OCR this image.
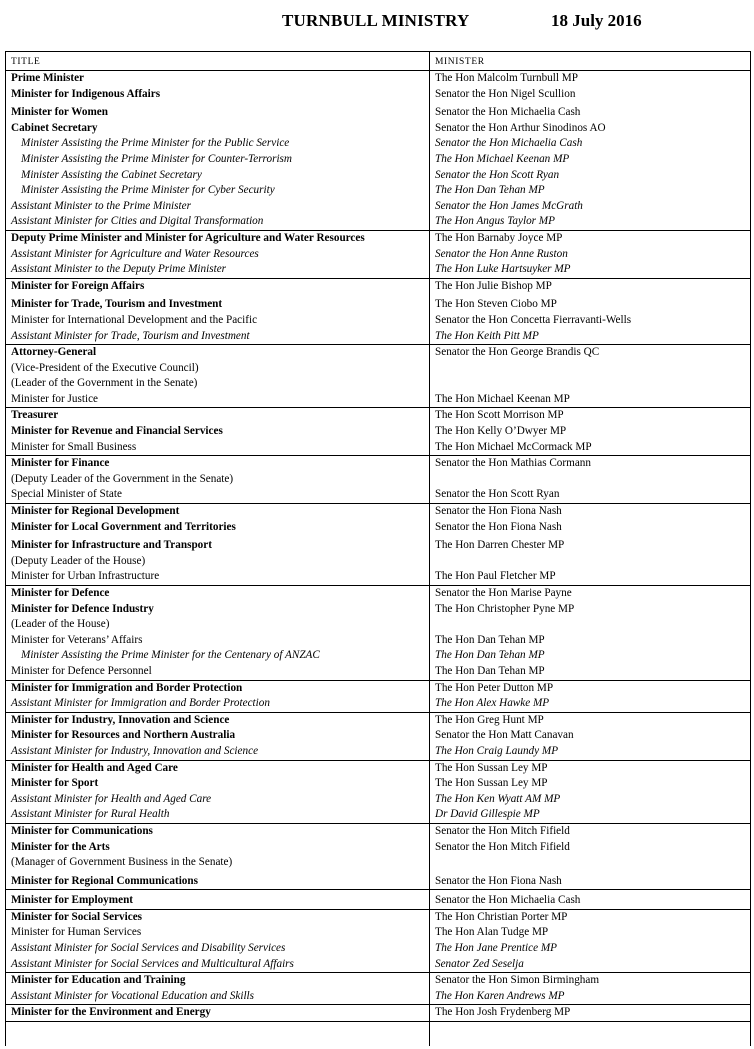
TURNBULL MINISTRY	18 July 2016
TITLE	MINISTER
Prime Minister	The Hon Malcolm Turnbull MP
Minister for Indigenous Affairs	Senator the Hon Nigel Scullion
Minister for Women	Senator the Hon Michaelia Cash
Cabinet Secretary	Senator the Hon Arthur Sinodinos AO
Minister Assisting the Prime Minister for the Public Service	Senator the Hon Michaelia Cash
Minister Assisting the Prime Minister for Counter-Terrorism	The Hon Michael Keenan MP
Minister Assisting the Cabinet Secretary	Senator the Hon Scott Ryan
Minister Assisting the Prime Minister for Cyber Security	The Hon Dan Tehan MP
Assistant Minister to the Prime Minister	Senator the Hon James McGrath
Assistant Minister for Cities and Digital Transformation	The Hon Angus Taylor MP
Deputy Prime Minister and Minister for Agriculture and Water Resources	The Hon Barnaby Joyce MP
Assistant Minister for Agriculture and Water Resources	Senator the Hon Anne Ruston
Assistant Minister to the Deputy Prime Minister	The Hon Luke Hartsuyker MP
Minister for Foreign Affairs	The Hon Julie Bishop MP
Minister for Trade, Tourism and Investment	The Hon Steven Ciobo MP
Minister for International Development and the Pacific	Senator the Hon Concetta Fierravanti-Wells
Assistant Minister for Trade, Tourism and Investment	The Hon Keith Pitt MP
Attorney-General	Senator the Hon George Brandis QC
(Vice-President of the Executive Council)	
(Leader of the Government in the Senate)	
Minister for Justice	The Hon Michael Keenan MP
Treasurer	The Hon Scott Morrison MP
Minister for Revenue and Financial Services	The Hon Kelly O’Dwyer MP
Minister for Small Business	The Hon Michael McCormack MP
Minister for Finance	Senator the Hon Mathias Cormann
(Deputy Leader of the Government in the Senate)	
Special Minister of State	Senator the Hon Scott Ryan
Minister for Regional Development	Senator the Hon Fiona Nash
Minister for Local Government and Territories	Senator the Hon Fiona Nash
Minister for Infrastructure and Transport	The Hon Darren Chester MP
(Deputy Leader of the House)	
Minister for Urban Infrastructure	The Hon Paul Fletcher MP
Minister for Defence	Senator the Hon Marise Payne
Minister for Defence Industry	The Hon Christopher Pyne MP
(Leader of the House)	
Minister for Veterans’ Affairs	The Hon Dan Tehan MP
Minister Assisting the Prime Minister for the Centenary of ANZAC	The Hon Dan Tehan MP
Minister for Defence Personnel	The Hon Dan Tehan MP
Minister for Immigration and Border Protection	The Hon Peter Dutton MP
Assistant Minister for Immigration and Border Protection	The Hon Alex Hawke MP
Minister for Industry, Innovation and Science	The Hon Greg Hunt MP
Minister for Resources and Northern Australia	Senator the Hon Matt Canavan
Assistant Minister for Industry, Innovation and Science	The Hon Craig Laundy MP
Minister for Health and Aged Care	The Hon Sussan Ley MP
Minister for Sport	The Hon Sussan Ley MP
Assistant Minister for Health and Aged Care	The Hon Ken Wyatt AM MP
Assistant Minister for Rural Health	Dr David Gillespie MP
Minister for Communications	Senator the Hon Mitch Fifield
Minister for the Arts	Senator the Hon Mitch Fifield
(Manager of Government Business in the Senate)	
Minister for Regional Communications	Senator the Hon Fiona Nash
Minister for Employment	Senator the Hon Michaelia Cash
Minister for Social Services	The Hon Christian Porter MP
Minister for Human Services	The Hon Alan Tudge MP
Assistant Minister for Social Services and Disability Services	The Hon Jane Prentice MP
Assistant Minister for Social Services and Multicultural Affairs	Senator Zed Seselja
Minister for Education and Training	Senator the Hon Simon Birmingham
Assistant Minister for Vocational Education and Skills	The Hon Karen Andrews MP
Minister for the Environment and Energy	The Hon Josh Frydenberg MP
